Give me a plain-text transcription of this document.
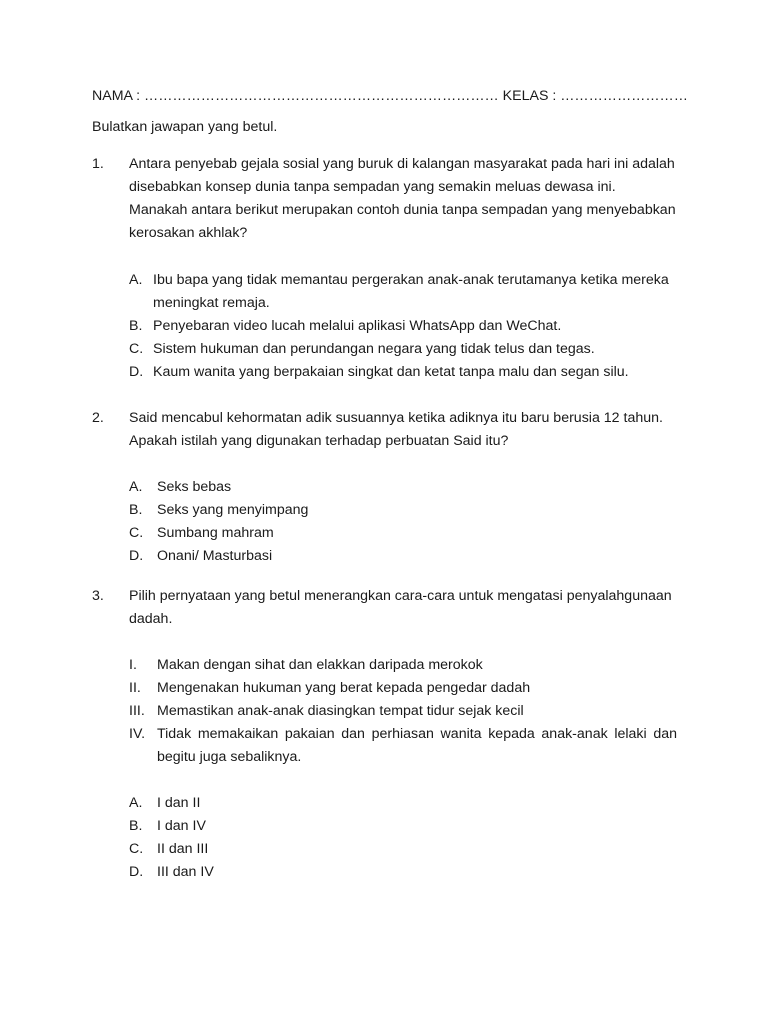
NAMA : ………………………………………………………………… KELAS : ………………………
Bulatkan jawapan yang betul.
1. Antara penyebab gejala sosial yang buruk di kalangan masyarakat pada hari ini adalah
disebabkan konsep dunia tanpa sempadan yang semakin meluas dewasa ini.
Manakah antara berikut merupakan contoh dunia tanpa sempadan yang menyebabkan
kerosakan akhlak?
A. Ibu bapa yang tidak memantau pergerakan anak-anak terutamanya ketika mereka
meningkat remaja.
B. Penyebaran video lucah melalui aplikasi WhatsApp dan WeChat.
C. Sistem hukuman dan perundangan negara yang tidak telus dan tegas.
D. Kaum wanita yang berpakaian singkat dan ketat tanpa malu dan segan silu.
2. Said mencabul kehormatan adik susuannya ketika adiknya itu baru berusia 12 tahun.
Apakah istilah yang digunakan terhadap perbuatan Said itu?
A. Seks bebas
B. Seks yang menyimpang
C. Sumbang mahram
D. Onani/ Masturbasi
3. Pilih pernyataan yang betul menerangkan cara-cara untuk mengatasi penyalahgunaan
dadah.
I. Makan dengan sihat dan elakkan daripada merokok
II. Mengenakan hukuman yang berat kepada pengedar dadah
III. Memastikan anak-anak diasingkan tempat tidur sejak kecil
IV. Tidak memakaikan pakaian dan perhiasan wanita kepada anak-anak lelaki dan
begitu juga sebaliknya.
A. I dan II
B. I dan IV
C. II dan III
D. III dan IV
